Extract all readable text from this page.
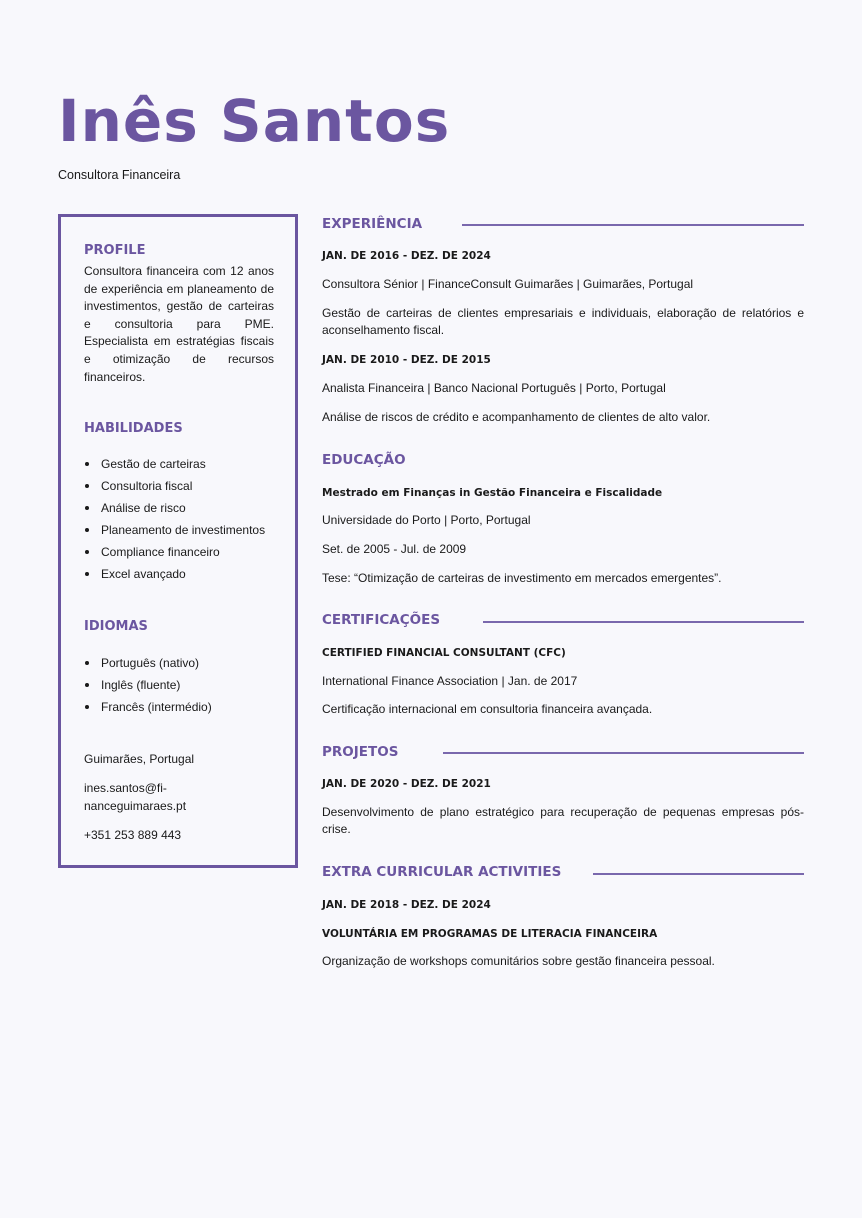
Inês Santos
Consultora Financeira
PROFILE

Consultora financeira com 12 anos de experiência em planeamento de investimentos, gestão de carteiras e consultoria para PME. Especialista em estratégias fiscais e otimização de recursos financeiros.

HABILIDADES
Gestão de carteiras
Consultoria fiscal
Análise de risco
Planeamento de investimentos
Compliance financeiro
Excel avançado
IDIOMAS
Português (nativo)
Inglês (fluente)
Francês (intermédio)

Guimarães, Portugal

ines.santos@fi-
nanceguimaraes.pt

+351 253 889 443

EXPERIÊNCIA

JAN. DE 2016 - DEZ. DE 2024

Consultora Sénior | FinanceConsult Guimarães | Guimarães, Portugal

Gestão de carteiras de clientes empresariais e individuais, elaboração de relatórios e aconselhamento fiscal.

JAN. DE 2010 - DEZ. DE 2015

Analista Financeira | Banco Nacional Português | Porto, Portugal

Análise de riscos de crédito e acompanhamento de clientes de alto valor.

EDUCAÇÃO

Mestrado em Finanças in Gestão Financeira e Fiscalidade

Universidade do Porto | Porto, Portugal

Set. de 2005 - Jul. de 2009

Tese: “Otimização de carteiras de investimento em mercados emergentes”.

CERTIFICAÇÕES

CERTIFIED FINANCIAL CONSULTANT (CFC)

International Finance Association | Jan. de 2017

Certificação internacional em consultoria financeira avançada.

PROJETOS

JAN. DE 2020 - DEZ. DE 2021

Desenvolvimento de plano estratégico para recuperação de pequenas empresas pós-crise.

EXTRA CURRICULAR ACTIVITIES

JAN. DE 2018 - DEZ. DE 2024

VOLUNTÁRIA EM PROGRAMAS DE LITERACIA FINANCEIRA

Organização de workshops comunitários sobre gestão financeira pessoal.
